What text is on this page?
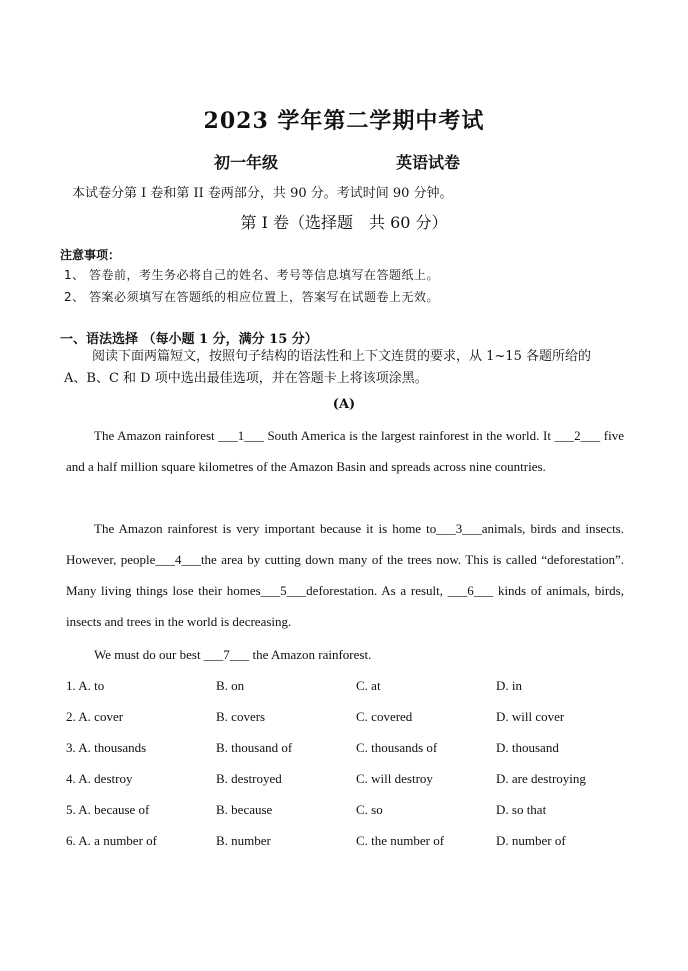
2023 学年第二学期中考试
初一年级	英语试卷
本试卷分第 I 卷和第 II 卷两部分，共 90 分。考试时间 90 分钟。
第 I 卷（选择题　共 60 分）
注意事项：
1、 答卷前，考生务必将自己的姓名、考号等信息填写在答题纸上。
2、 答案必须填写在答题纸的相应位置上，答案写在试题卷上无效。
一、语法选择 （每小题 1 分，满分 15 分）
阅读下面两篇短文，按照句子结构的语法性和上下文连贯的要求，从 1~15 各题所给的
A、B、C 和 D 项中选出最佳选项，并在答题卡上将该项涂黑。
(A)
The Amazon rainforest ___1___ South America is the largest rainforest in the world. It ___2___ five and a half million square kilometres of the Amazon Basin and spreads across nine countries.
The Amazon rainforest is very important because it is home to___3___animals, birds and insects. However, people___4___the area by cutting down many of the trees now. This is called “deforestation”. Many living things lose their homes___5___deforestation. As a result, ___6___ kinds of animals, birds, insects and trees in the world is decreasing.
We must do our best ___7___ the Amazon rainforest.
1. A. to	B. on	C. at	D. in
2. A. cover	B. covers	C. covered	D. will cover
3. A. thousands	B. thousand of	C. thousands of	D. thousand
4. A. destroy	B. destroyed	C. will destroy	D. are destroying
5. A. because of	B. because	C. so	D. so that
6. A. a number of	B. number	C. the number of	D. number of
